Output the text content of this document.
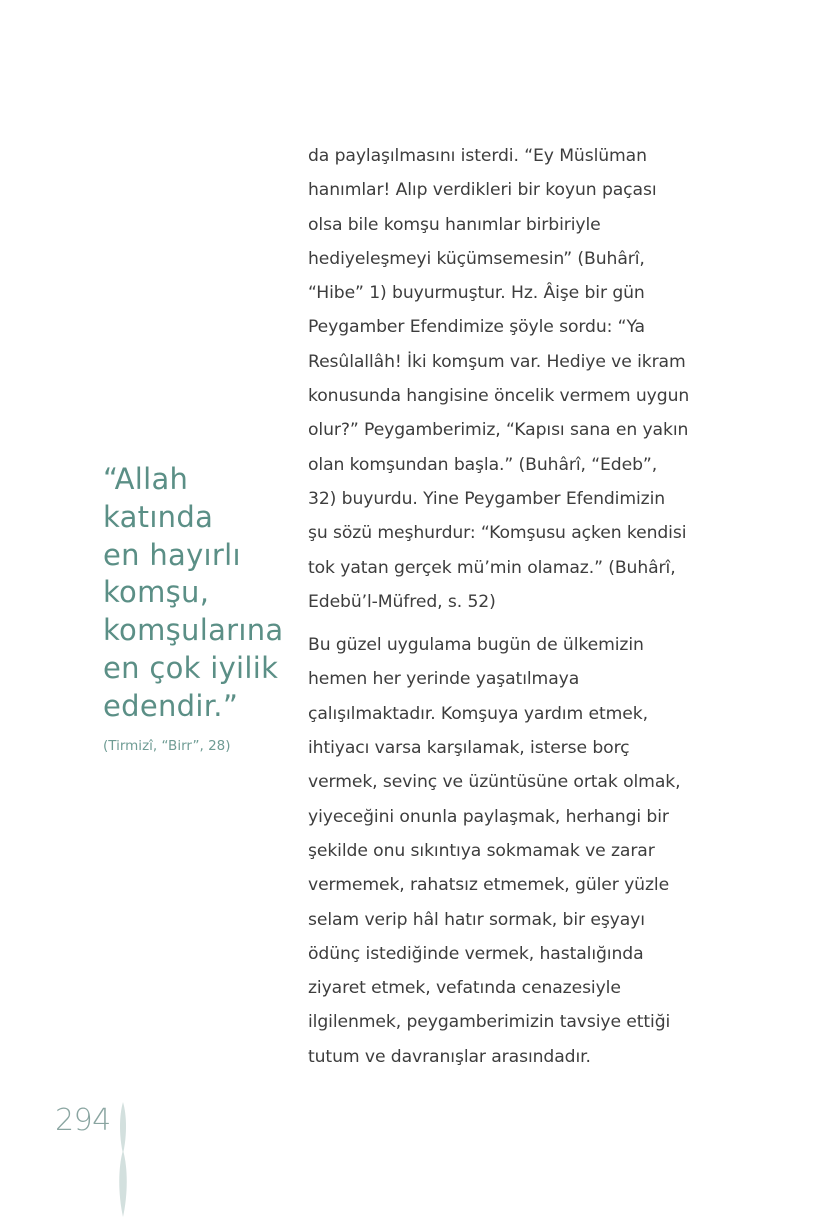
“Allah
katında
en hayırlı
komşu,
komşularına
en çok iyilik
edendir.”

(Tirmizî, “Birr”, 28)

da paylaşılmasını isterdi. “Ey Müslüman
hanımlar! Alıp verdikleri bir koyun paçası
olsa bile komşu hanımlar birbiriyle
hediyeleşmeyi küçümsemesin” (Buhârî,
“Hibe” 1) buyurmuştur. Hz. Âişe bir gün
Peygamber Efendimize şöyle sordu: “Ya
Resûlallâh! İki komşum var. Hediye ve ikram
konusunda hangisine öncelik vermem uygun
olur?” Peygamberimiz, “Kapısı sana en yakın
olan komşundan başla.” (Buhârî, “Edeb”,
32) buyurdu. Yine Peygamber Efendimizin
şu sözü meşhurdur: “Komşusu açken kendisi
tok yatan gerçek mü’min olamaz.” (Buhârî,
Edebü’l-Müfred, s. 52)

Bu güzel uygulama bugün de ülkemizin
hemen her yerinde yaşatılmaya
çalışılmaktadır. Komşuya yardım etmek,
ihtiyacı varsa karşılamak, isterse borç
vermek, sevinç ve üzüntüsüne ortak olmak,
yiyeceğini onunla paylaşmak, herhangi bir
şekilde onu sıkıntıya sokmamak ve zarar
vermemek, rahatsız etmemek, güler yüzle
selam verip hâl hatır sormak, bir eşyayı
ödünç istediğinde vermek, hastalığında
ziyaret etmek, vefatında cenazesiyle
ilgilenmek, peygamberimizin tavsiye ettiği
tutum ve davranışlar arasındadır.

294
